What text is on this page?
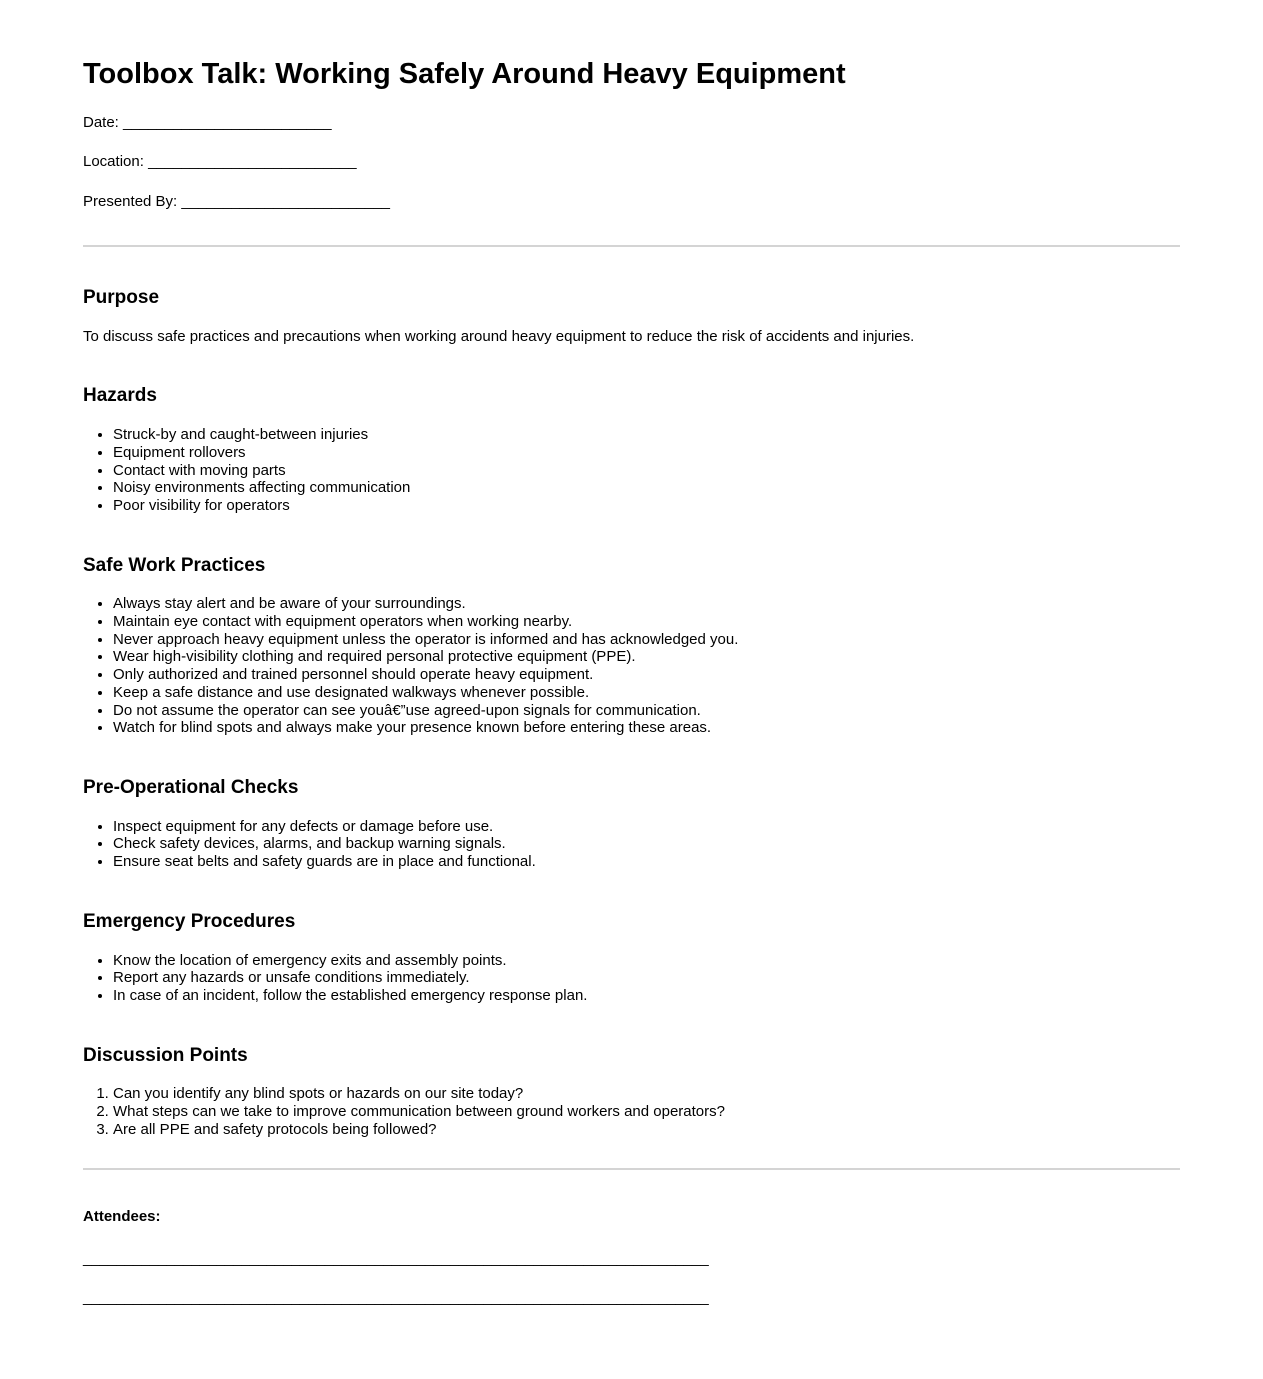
Toolbox Talk: Working Safely Around Heavy Equipment

Date: _________________________

Location: _________________________

Presented By: _________________________

Purpose

To discuss safe practices and precautions when working around heavy equipment to reduce the risk of accidents and injuries.

Hazards
• Struck-by and caught-between injuries
• Equipment rollovers
• Contact with moving parts
• Noisy environments affecting communication
• Poor visibility for operators
Safe Work Practices
• Always stay alert and be aware of your surroundings.
• Maintain eye contact with equipment operators when working nearby.
• Never approach heavy equipment unless the operator is informed and has acknowledged you.
• Wear high-visibility clothing and required personal protective equipment (PPE).
• Only authorized and trained personnel should operate heavy equipment.
• Keep a safe distance and use designated walkways whenever possible.
• Do not assume the operator can see youâ€”use agreed-upon signals for communication.
• Watch for blind spots and always make your presence known before entering these areas.
Pre-Operational Checks
• Inspect equipment for any defects or damage before use.
• Check safety devices, alarms, and backup warning signals.
• Ensure seat belts and safety guards are in place and functional.
Emergency Procedures
• Know the location of emergency exits and assembly points.
• Report any hazards or unsafe conditions immediately.
• In case of an incident, follow the established emergency response plan.
Discussion Points
1. Can you identify any blind spots or hazards on our site today?
2. What steps can we take to improve communication between ground workers and operators?
3. Are all PPE and safety protocols being followed?

Attendees:

___________________________________________________________________________

___________________________________________________________________________
